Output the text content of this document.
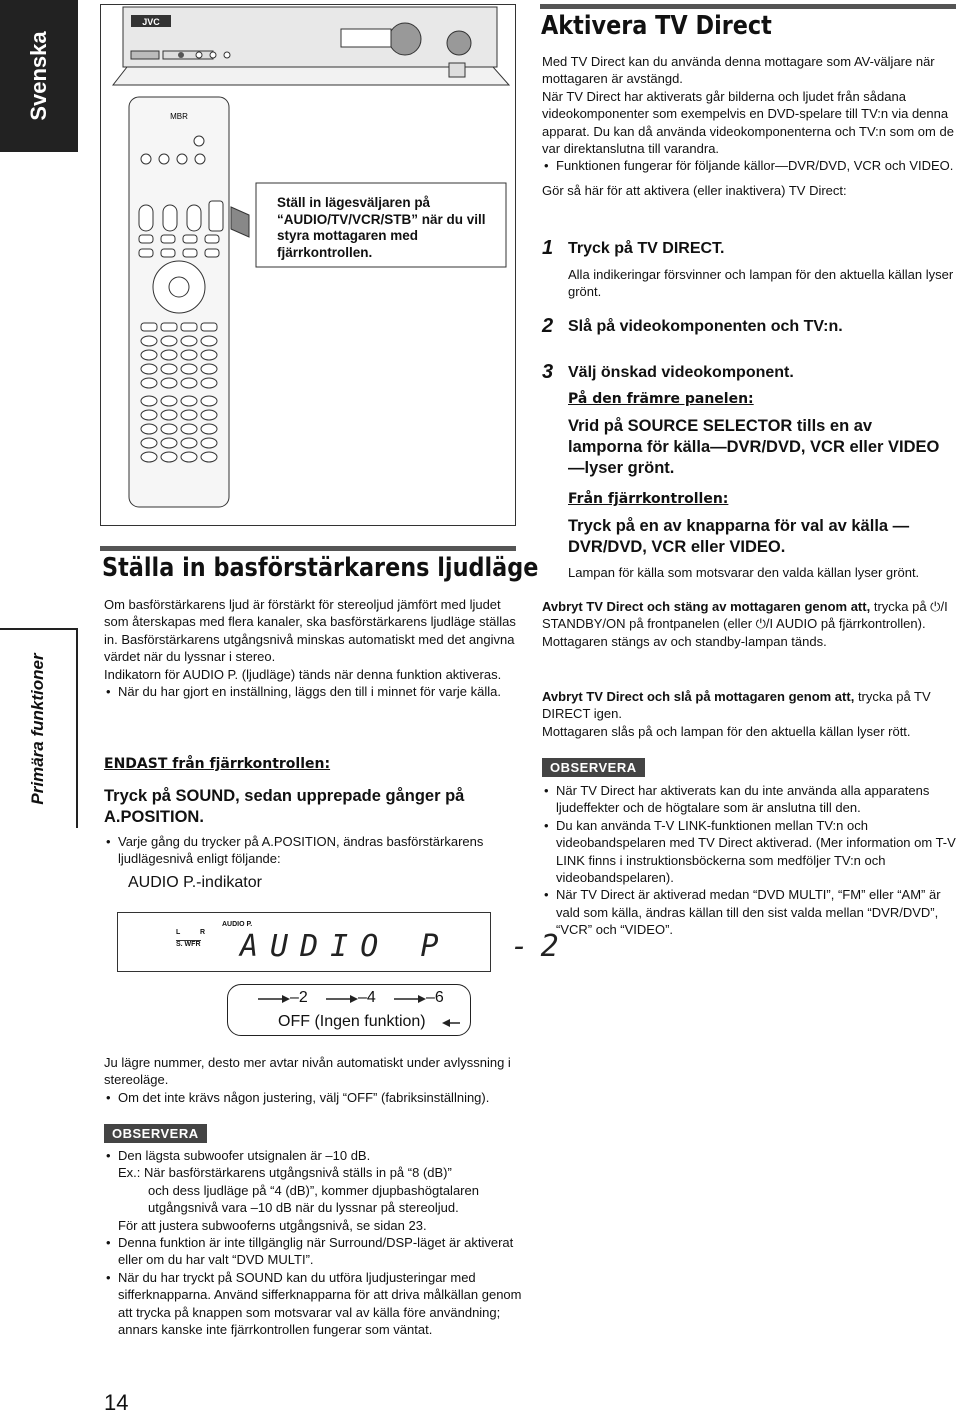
Svenska
Primära funktioner
JVC
MBR
Ställ in lägesväljaren på “AUDIO/TV/VCR/STB” när du vill styra mottagaren med fjärrkontrollen.
Ställa in basförstärkarens ljudläge

Om basförstärkarens ljud är förstärkt för stereoljud jämfört med ljudet som återskapas med flera kanaler, ska basförstärkarens ljudläge ställas in. Basförstärkarens utgångsnivå minskas automatiskt med det angivna värdet när du lyssnar i stereo.

Indikatorn för AUDIO P. (ljudläge) tänds när denna funktion aktiveras.

• När du har gjort en inställning, läggs den till i minnet för varje källa.

ENDAST från fjärrkontrollen:
Tryck på SOUND, sedan upprepade gånger på A.POSITION.

• Varje gång du trycker på A.POSITION, ändras basförstärkarens ljudlägesnivå enligt följande:

AUDIO P.-indikator
L	R
S. WFR
AUDIO P.
AUDIO P  -2
–2	–4	–6
OFF (Ingen funktion)

Ju lägre nummer, desto mer avtar nivån automatiskt under avlyssning i stereoläge.

• Om det inte krävs någon justering, välj “OFF” (fabriksinställning).

OBSERVERA

• Den lägsta subwoofer utsignalen är –10 dB.

Ex.: När basförstärkarens utgångsnivå ställs in på “8 (dB)”

och dess ljudläge på “4 (dB)”, kommer djupbashögtalaren

utgångsnivå vara –10 dB när du lyssnar på stereoljud.

För att justera subwooferns utgångsnivå, se sidan 23.

• Denna funktion är inte tillgänglig när Surround/DSP-läget är aktiverat eller om du har valt “DVD MULTI”.

• När du har tryckt på SOUND kan du utföra ljudjusteringar med sifferknapparna. Använd sifferknapparna för att driva målkällan genom att trycka på knappen som motsvarar val av källa före användning; annars kanske inte fjärrkontrollen fungerar som väntat.

14
Aktivera TV Direct

Med TV Direct kan du använda denna mottagare som AV-väljare när mottagaren är avstängd.

När TV Direct har aktiverats går bilderna och ljudet från sådana videokomponenter som exempelvis en DVD-spelare till TV:n via denna apparat. Du kan då använda videokomponenterna och TV:n som om de var direktanslutna till varandra.

• Funktionen fungerar för följande källor—DVR/DVD, VCR och VIDEO.

Gör så här för att aktivera (eller inaktivera) TV Direct:

1 Tryck på TV DIRECT.

Alla indikeringar försvinner och lampan för den aktuella källan lyser grönt.

2 Slå på videokomponenten och TV:n.
3 Välj önskad videokomponent.
På den främre panelen:
Vrid på SOURCE SELECTOR tills en av lamporna för källa—DVR/DVD, VCR eller VIDEO—lyser grönt.
Från fjärrkontrollen:
Tryck på en av knapparna för val av källa —DVR/DVD, VCR eller VIDEO.

Lampan för källa som motsvarar den valda källan lyser grönt.

Avbryt TV Direct och stäng av mottagaren genom att, trycka på ⏻/I STANDBY/ON på frontpanelen (eller ⏻/I AUDIO på fjärrkontrollen).

Mottagaren stängs av och standby-lampan tänds.

Avbryt TV Direct och slå på mottagaren genom att, trycka på TV DIRECT igen.

Mottagaren slås på och lampan för den aktuella källan lyser rött.

OBSERVERA

• När TV Direct har aktiverats kan du inte använda alla apparatens ljudeffekter och de högtalare som är anslutna till den.

• Du kan använda T-V LINK-funktionen mellan TV:n och videobandspelaren med TV Direct aktiverad. (Mer information om T-V LINK finns i instruktionsböckerna som medföljer TV:n och videobandspelaren).

• När TV Direct är aktiverad medan “DVD MULTI”, “FM” eller “AM” är vald som källa, ändras källan till den sist valda mellan “DVR/DVD”, “VCR” och “VIDEO”.
